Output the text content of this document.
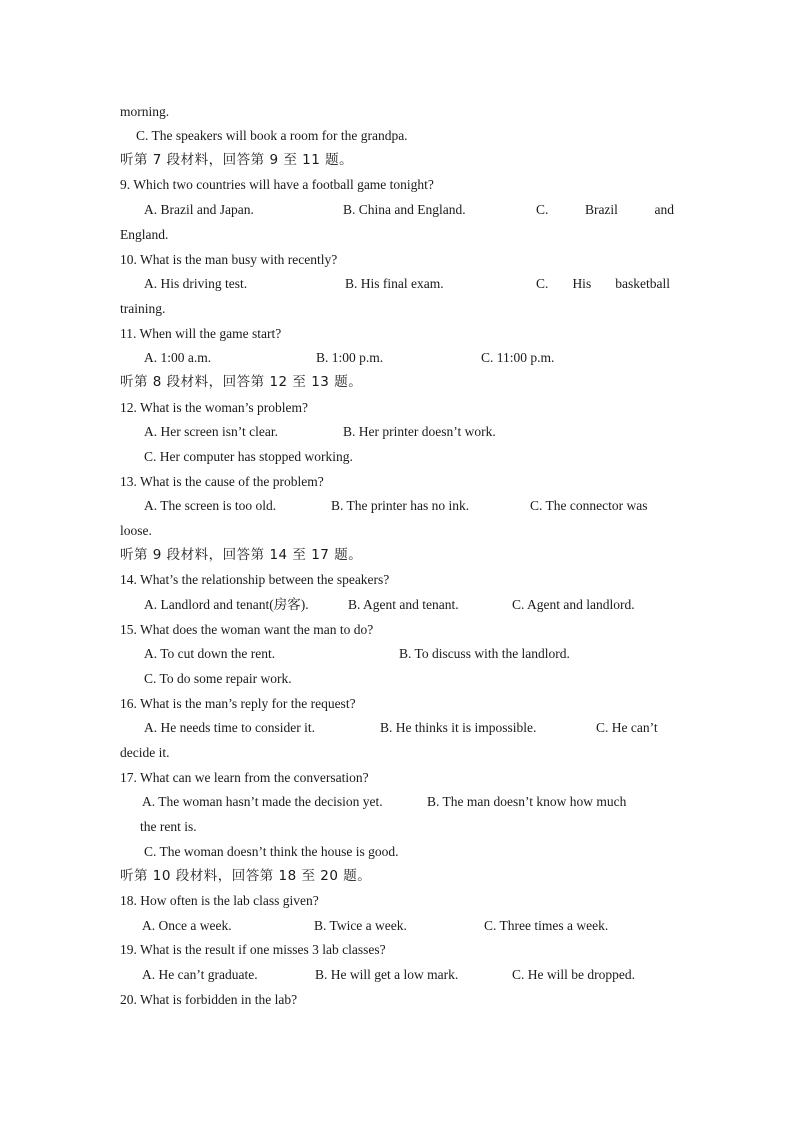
morning.
C. The speakers will book a room for the grandpa.
听第 7 段材料，回答第 9 至 11 题。
9. Which two countries will have a football game tonight?
A. Brazil and Japan.	B. China and England.	C.	Brazil	and
England.
10. What is the man busy with recently?
A. His driving test.	B. His final exam.	C. His basketball
training.
11. When will the game start?
A. 1:00 a.m.	B. 1:00 p.m.	C. 11:00 p.m.
听第 8 段材料，回答第 12 至 13 题。
12. What is the woman’s problem?
A. Her screen isn’t clear.	B. Her printer doesn’t work.
C. Her computer has stopped working.
13. What is the cause of the problem?
A. The screen is too old.	B. The printer has no ink.	C. The connector was
loose.
听第 9 段材料，回答第 14 至 17 题。
14. What’s the relationship between the speakers?
A. Landlord and tenant(房客).	B. Agent and tenant.	C. Agent and landlord.
15. What does the woman want the man to do?
A. To cut down the rent.	B. To discuss with the landlord.
C. To do some repair work.
16. What is the man’s reply for the request?
A. He needs time to consider it.	B. He thinks it is impossible.	C. He can’t
decide it.
17. What can we learn from the conversation?
A. The woman hasn’t made the decision yet.	B. The man doesn’t know how much
the rent is.
C. The woman doesn’t think the house is good.
听第 10 段材料，回答第 18 至 20 题。
18. How often is the lab class given?
A. Once a week.	B. Twice a week.	C. Three times a week.
19. What is the result if one misses 3 lab classes?
A. He can’t graduate.	B. He will get a low mark.	C. He will be dropped.
20. What is forbidden in the lab?
